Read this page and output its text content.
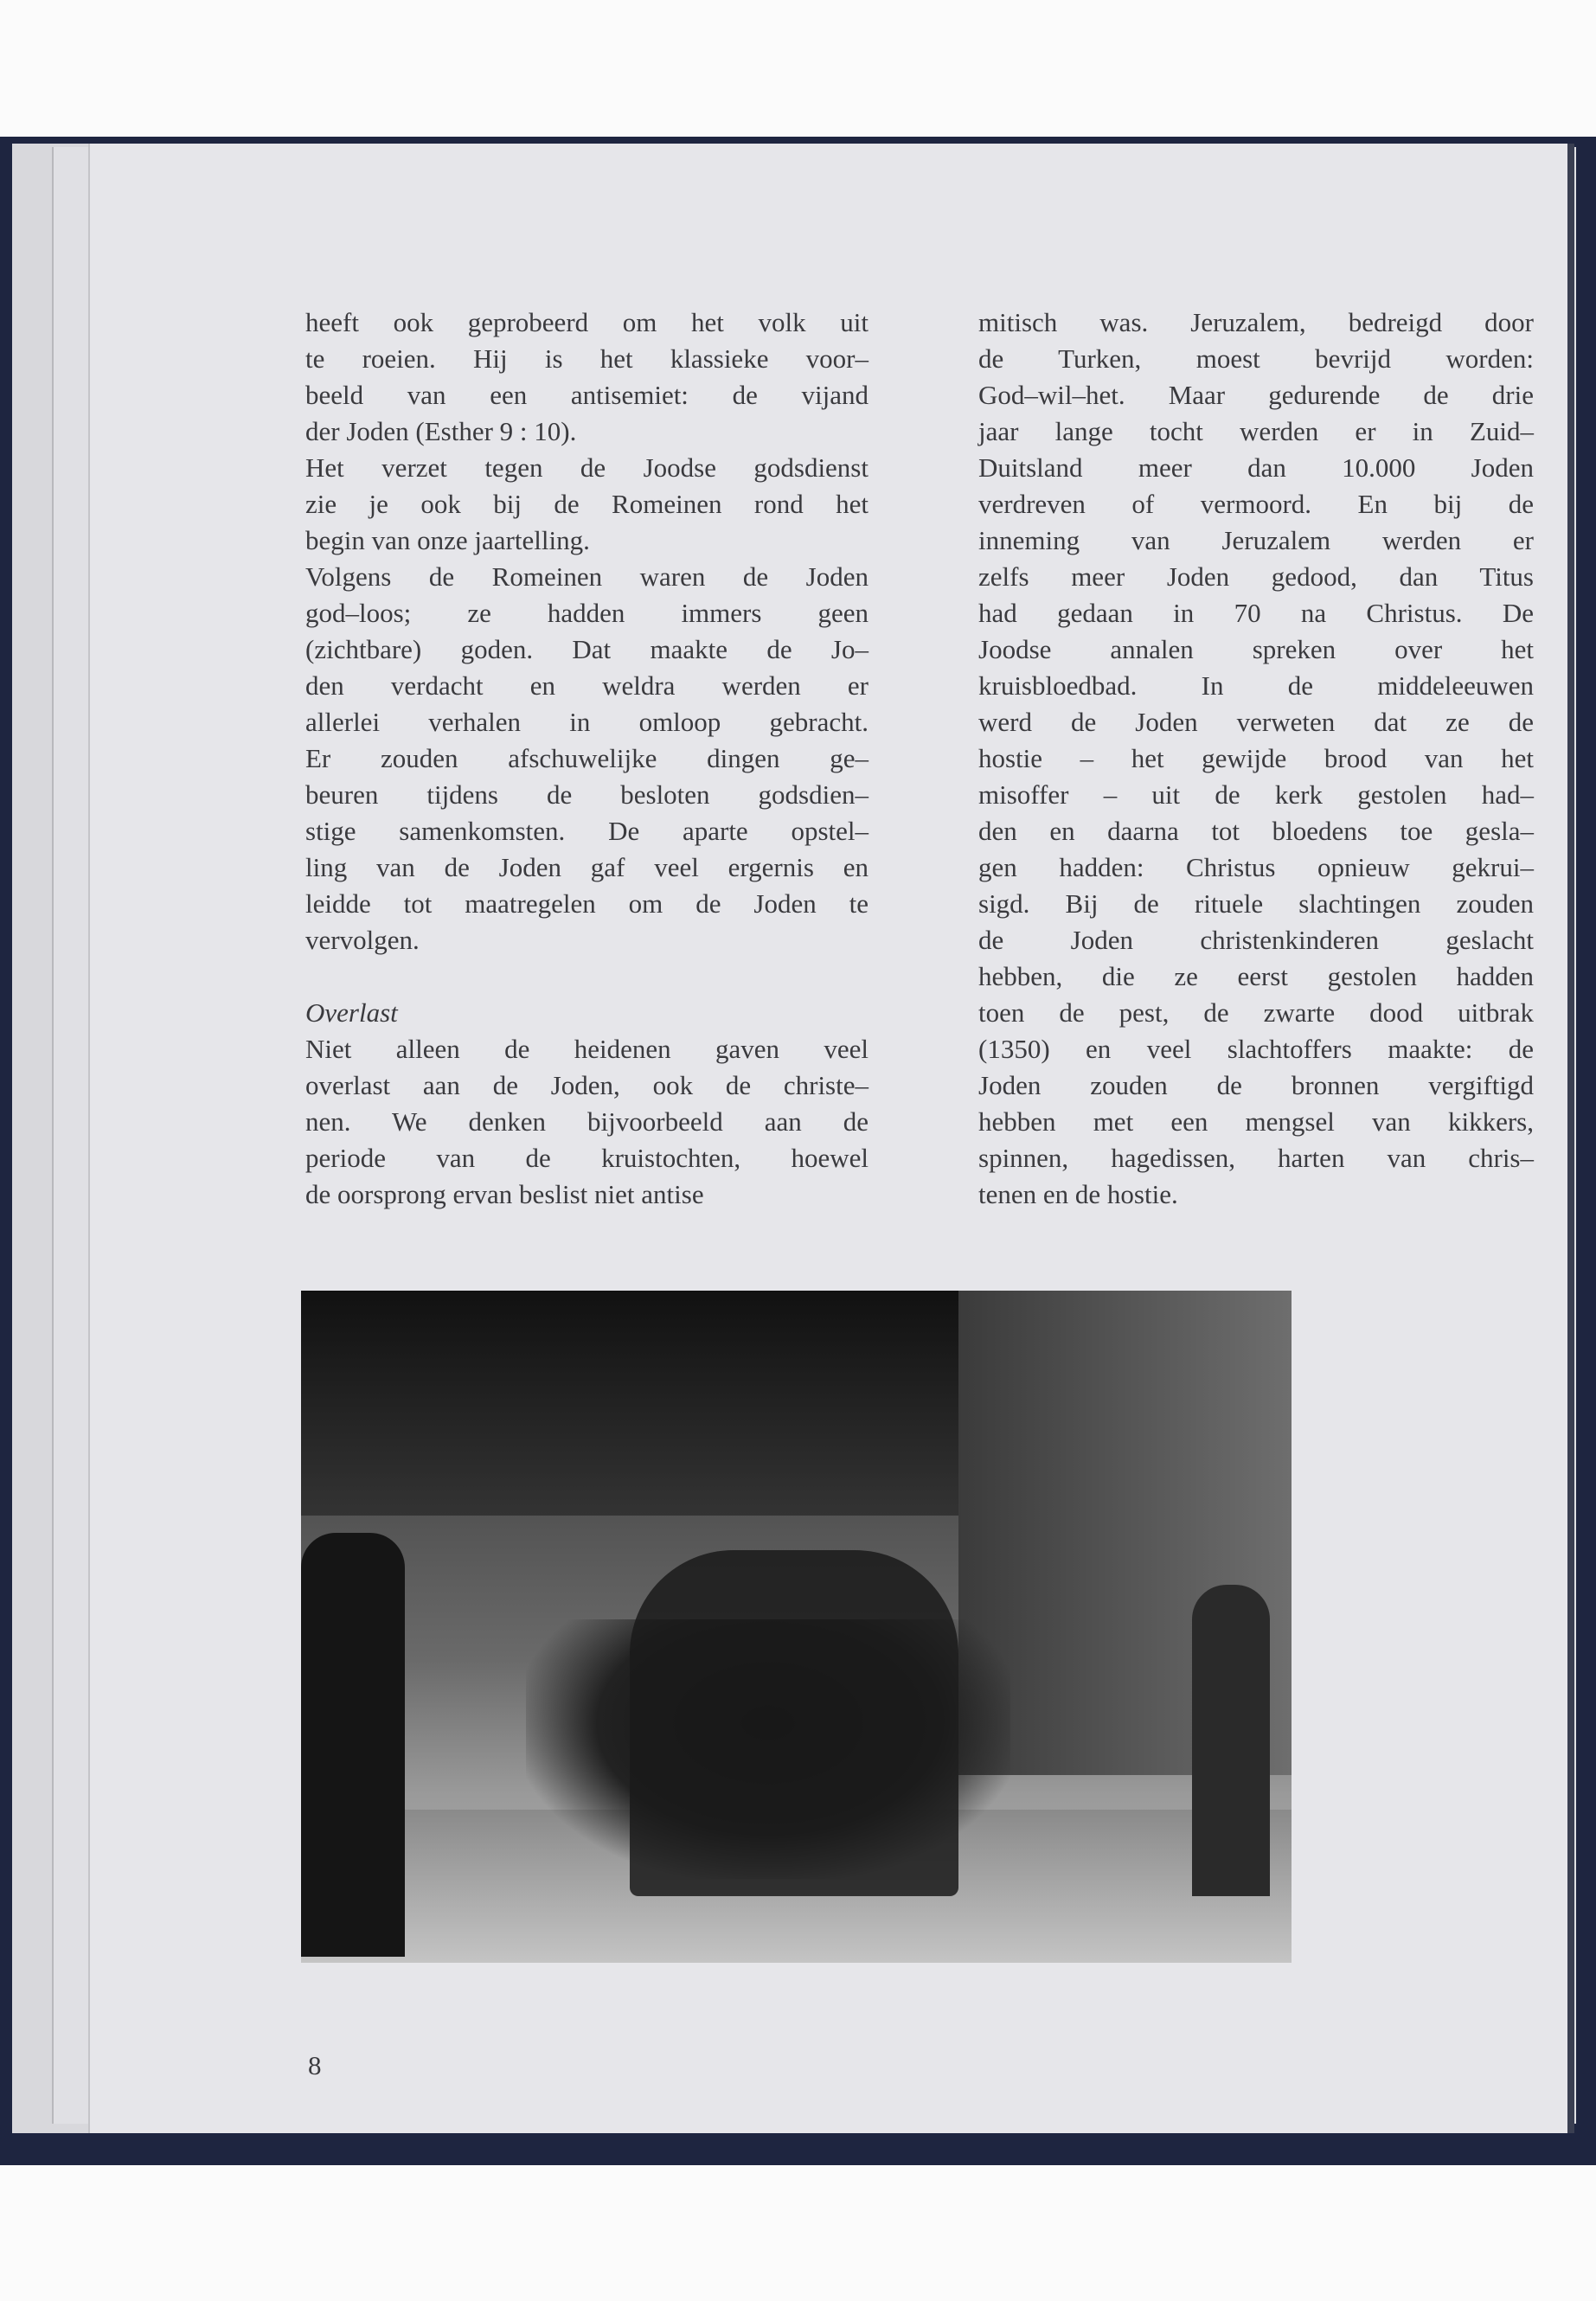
heeft ook geprobeerd om het volk uit
te roeien. Hij is het klassieke voor–
beeld van een antisemiet: de vijand
der Joden (Esther 9 : 10).
Het verzet tegen de Joodse godsdienst
zie je ook bij de Romeinen rond het
begin van onze jaartelling.
Volgens de Romeinen waren de Joden
god–loos; ze hadden immers geen
(zichtbare) goden. Dat maakte de Jo–
den verdacht en weldra werden er
allerlei verhalen in omloop gebracht.
Er zouden afschuwelijke dingen ge–
beuren tijdens de besloten godsdien–
stige samenkomsten. De aparte opstel–
ling van de Joden gaf veel ergernis en
leidde tot maatregelen om de Joden te
vervolgen.
Overlast
Niet alleen de heidenen gaven veel
overlast aan de Joden, ook de christe–
nen. We denken bijvoorbeeld aan de
periode van de kruistochten, hoewel
de oorsprong ervan beslist niet antise
mitisch was. Jeruzalem, bedreigd door
de Turken, moest bevrijd worden:
God–wil–het. Maar gedurende de drie
jaar lange tocht werden er in Zuid–
Duitsland meer dan 10.000 Joden
verdreven of vermoord. En bij de
inneming van Jeruzalem werden er
zelfs meer Joden gedood, dan Titus
had gedaan in 70 na Christus. De
Joodse annalen spreken over het
kruisbloedbad. In de middeleeuwen
werd de Joden verweten dat ze de
hostie – het gewijde brood van het
misoffer – uit de kerk gestolen had–
den en daarna tot bloedens toe gesla–
gen hadden: Christus opnieuw gekrui–
sigd. Bij de rituele slachtingen zouden
de Joden christenkinderen geslacht
hebben, die ze eerst gestolen hadden
toen de pest, de zwarte dood uitbrak
(1350) en veel slachtoffers maakte: de
Joden zouden de bronnen vergiftigd
hebben met een mengsel van kikkers,
spinnen, hagedissen, harten van chris–
tenen en de hostie.
8
